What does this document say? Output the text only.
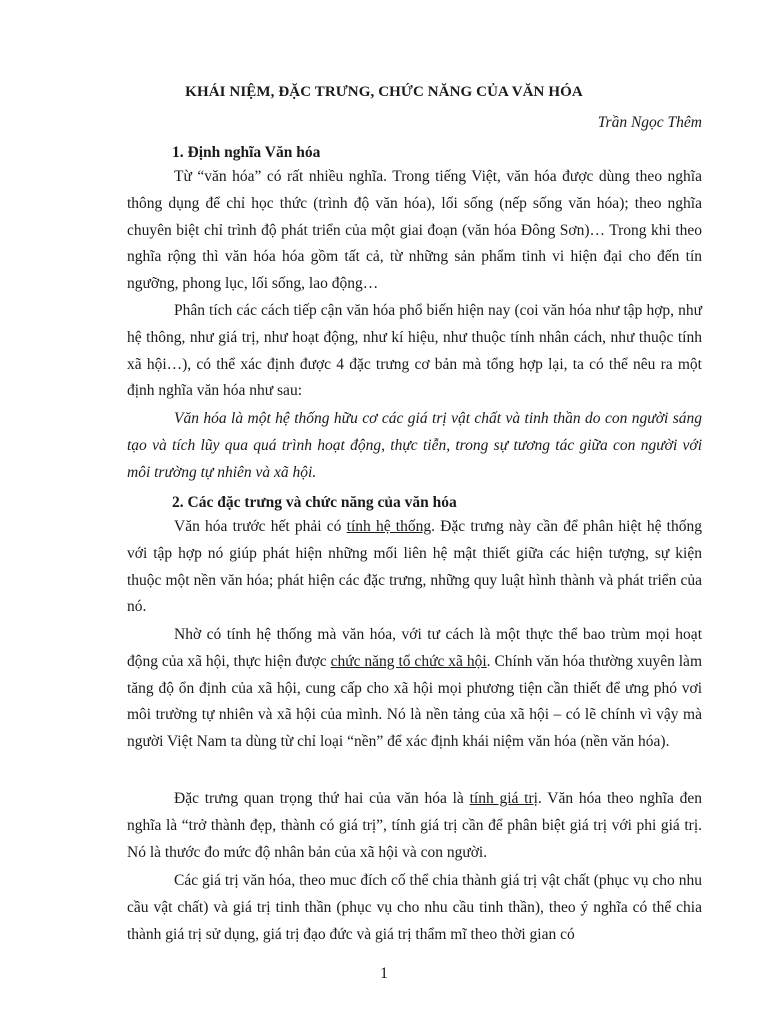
KHÁI NIỆM, ĐẶC TRƯNG, CHỨC NĂNG CỦA VĂN HÓA
Trần Ngọc Thêm
1. Định nghĩa Văn hóa

Từ “văn hóa” có rất nhiều nghĩa. Trong tiếng Việt, văn hóa được dùng theo nghĩa thông dụng để chỉ học thức (trình độ văn hóa), lối sống (nếp sống văn hóa); theo nghĩa chuyên biệt chỉ trình độ phát triển của một giai đoạn (văn hóa Đông Sơn)… Trong khi theo nghĩa rộng thì văn hóa hóa gồm tất cả, từ những sản phẩm tinh vi hiện đại cho đến tín ngưỡng, phong lục, lối sống, lao động…

Phân tích các cách tiếp cận văn hóa phổ biến hiện nay (coi văn hóa như tập hợp, như hệ thông, như giá trị, như hoạt động, như kí hiệu, như thuộc tính nhân cách, như thuộc tính xã hội…), có thể xác định được 4 đặc trưng cơ bản mà tổng hợp lại, ta có thể nêu ra một định nghĩa văn hóa như sau:

Văn hóa là một hệ thống hữu cơ các giá trị vật chất và tinh thần do con người sáng tạo và tích lũy qua quá trình hoạt động, thực tiễn, trong sự tương tác giữa con người với môi trường tự nhiên và xã hội.

2. Các đặc trưng và chức năng của văn hóa

Văn hóa trước hết phải có tính hệ thống. Đặc trưng này cần để phân hiệt hệ thống với tập hợp nó giúp phát hiện những mối liên hệ mật thiết giữa các hiện tượng, sự kiện thuộc một nền văn hóa; phát hiện các đặc trưng, những quy luật hình thành và phát triển của nó.

Nhờ có tính hệ thống mà văn hóa, với tư cách là một thực thể bao trùm mọi hoạt động của xã hội, thực hiện được chức năng tổ chức xã hội. Chính văn hóa thường xuyên làm tăng độ ổn định của xã hội, cung cấp cho xã hội mọi phương tiện cần thiết để ưng phó vơi môi trường tự nhiên và xã hội của mình. Nó là nền tảng của xã hội – có lẽ chính vì vậy mà người Việt Nam ta dùng từ chỉ loại “nền” để xác định khái niệm văn hóa (nền văn hóa).

Đặc trưng quan trọng thứ hai của văn hóa là tính giá trị. Văn hóa theo nghĩa đen nghĩa là “trở thành đẹp, thành có giá trị”, tính giá trị cần để phân biệt giá trị với phi giá trị. Nó là thước đo mức độ nhân bản của xã hội và con người.

Các giá trị văn hóa, theo muc đích cố thể chia thành giá trị vật chất (phục vụ cho nhu cầu vật chất) và giá trị tinh thần (phục vụ cho nhu cầu tinh thần), theo ý nghĩa có thể chia thành giá trị sử dụng, giá trị đạo đức và giá trị thẩm mĩ theo thời gian có

1
